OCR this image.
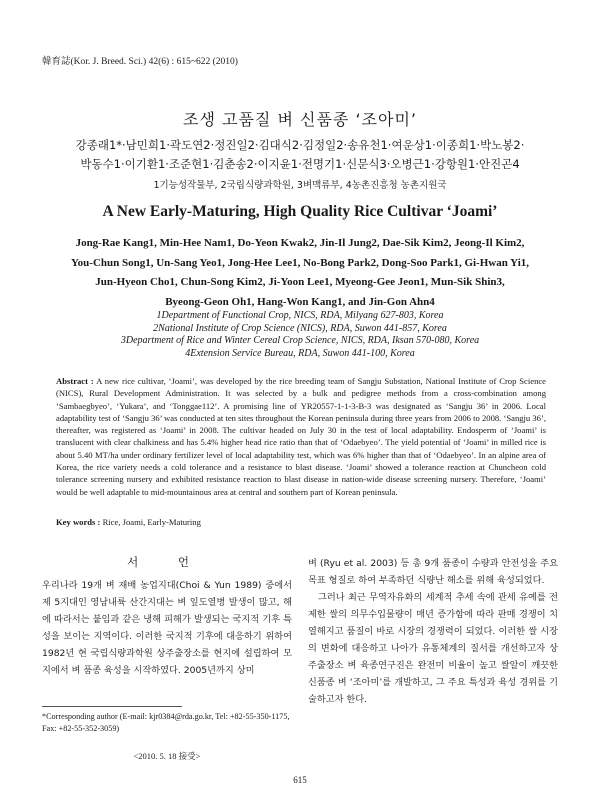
韓育誌(Kor. J. Breed. Sci.) 42(6) : 615~622 (2010)
조생 고품질 벼 신품종 ‘조아미’
강종래1*·남민희1·곽도연2·정진일2·김대식2·김정일2·송유천1·여운상1·이종희1·박노봉2·
박동수1·이기환1·조준현1·김춘송2·이지윤1·전명기1·신문식3·오병근1·강항원1·안진곤4
1기능성작물부, 2국립식량과학원, 3벼맥류부, 4농촌진흥청 농촌지원국
A New Early-Maturing, High Quality Rice Cultivar ‘Joami’
Jong-Rae Kang1, Min-Hee Nam1, Do-Yeon Kwak2, Jin-Il Jung2, Dae-Sik Kim2, Jeong-Il Kim2,
You-Chun Song1, Un-Sang Yeo1, Jong-Hee Lee1, No-Bong Park2, Dong-Soo Park1, Gi-Hwan Yi1,
Jun-Hyeon Cho1, Chun-Song Kim2, Ji-Yoon Lee1, Myeong-Gee Jeon1, Mun-Sik Shin3,
Byeong-Geon Oh1, Hang-Won Kang1, and Jin-Gon Ahn4
1Department of Functional Crop, NICS, RDA, Milyang 627-803, Korea
2National Institute of Crop Science (NICS), RDA, Suwon 441-857, Korea
3Department of Rice and Winter Cereal Crop Science, NICS, RDA, Iksan 570-080, Korea
4Extension Service Bureau, RDA, Suwon 441-100, Korea
Abstract : A new rice cultivar, ‘Joami’, was developed by the rice breeding team of Sangju Substation, National Institute of Crop Science (NICS), Rural Development Administration. It was selected by a bulk and pedigree methods from a cross-combination among ‘Sambaegbyeo’, ‘Yukara’, and ‘Tonggae112’. A promising line of YR20557-1-1-3-B-3 was designated as ‘Sangju 36’ in 2006. Local adaptability test of ‘Sangju 36’ was conducted at ten sites throughout the Korean peninsula during three years from 2006 to 2008. ‘Sangju 36’, thereafter, was registered as ‘Joami’ in 2008. The cultivar headed on July 30 in the test of local adaptability. Endosperm of ‘Joami’ is translucent with clear chalkiness and has 5.4% higher head rice ratio than that of ‘Odaebyeo’. The yield potential of ‘Joami’ in milled rice is about 5.40 MT/ha under ordinary fertilizer level of local adaptability test, which was 6% higher than that of ‘Odaebyeo’. In an alpine area of Korea, the rice variety needs a cold tolerance and a resistance to blast disease. ‘Joami’ showed a tolerance reaction at Chuncheon cold tolerance screening nursery and exhibited resistance reaction to blast disease in nation-wide disease screening nursery. Therefore, ‘Joami’ would be well adaptable to mid-mountainous area at central and southern part of Korean peninsula.
Key words : Rice, Joami, Early-Maturing
서 언

우리나라 19개 벼 재배 농업지대(Choi & Yun 1989) 중에서 제 5지대인 영남내륙 산간지대는 벼 잎도열병 발생이 많고, 해에 따라서는 붙임과 같은 냉해 피해가 발생되는 국지적 기후 특성을 보이는 지역이다. 이러한 국지적 기후에 대응하기 위하여 1982년 현 국립식량과학원 상주출장소를 현지에 설립하여 모지에서 벼 품종 육성을 시작하였다. 2005년까지 상미

벼 (Ryu et al. 2003) 등 총 9개 품종이 수량과 안전성을 주요 목표 형질로 하여 부족하던 식량난 해소를 위해 육성되었다.

그러나 최근 무역자유화의 세계적 추세 속에 관세 유예를 전제한 쌀의 의무수입물량이 매년 증가함에 따라 판매 경쟁이 치열해지고 품질이 바로 시장의 경쟁력이 되었다. 이러한 쌀 시장의 변화에 대응하고 나아가 유통체계의 질서를 개선하고자 상주출장소 벼 육종연구진은 완전미 비율이 높고 쌀알이 깨끗한 신품종 벼 ‘조아미’를 개발하고, 그 주요 특성과 육성 경위를 기술하고자 한다.

*Corresponding author (E-mail: kjr0384@rda.go.kr, Tel: +82-55-350-1175, Fax: +82-55-352-3059)
<2010. 5. 18 接受>
615
